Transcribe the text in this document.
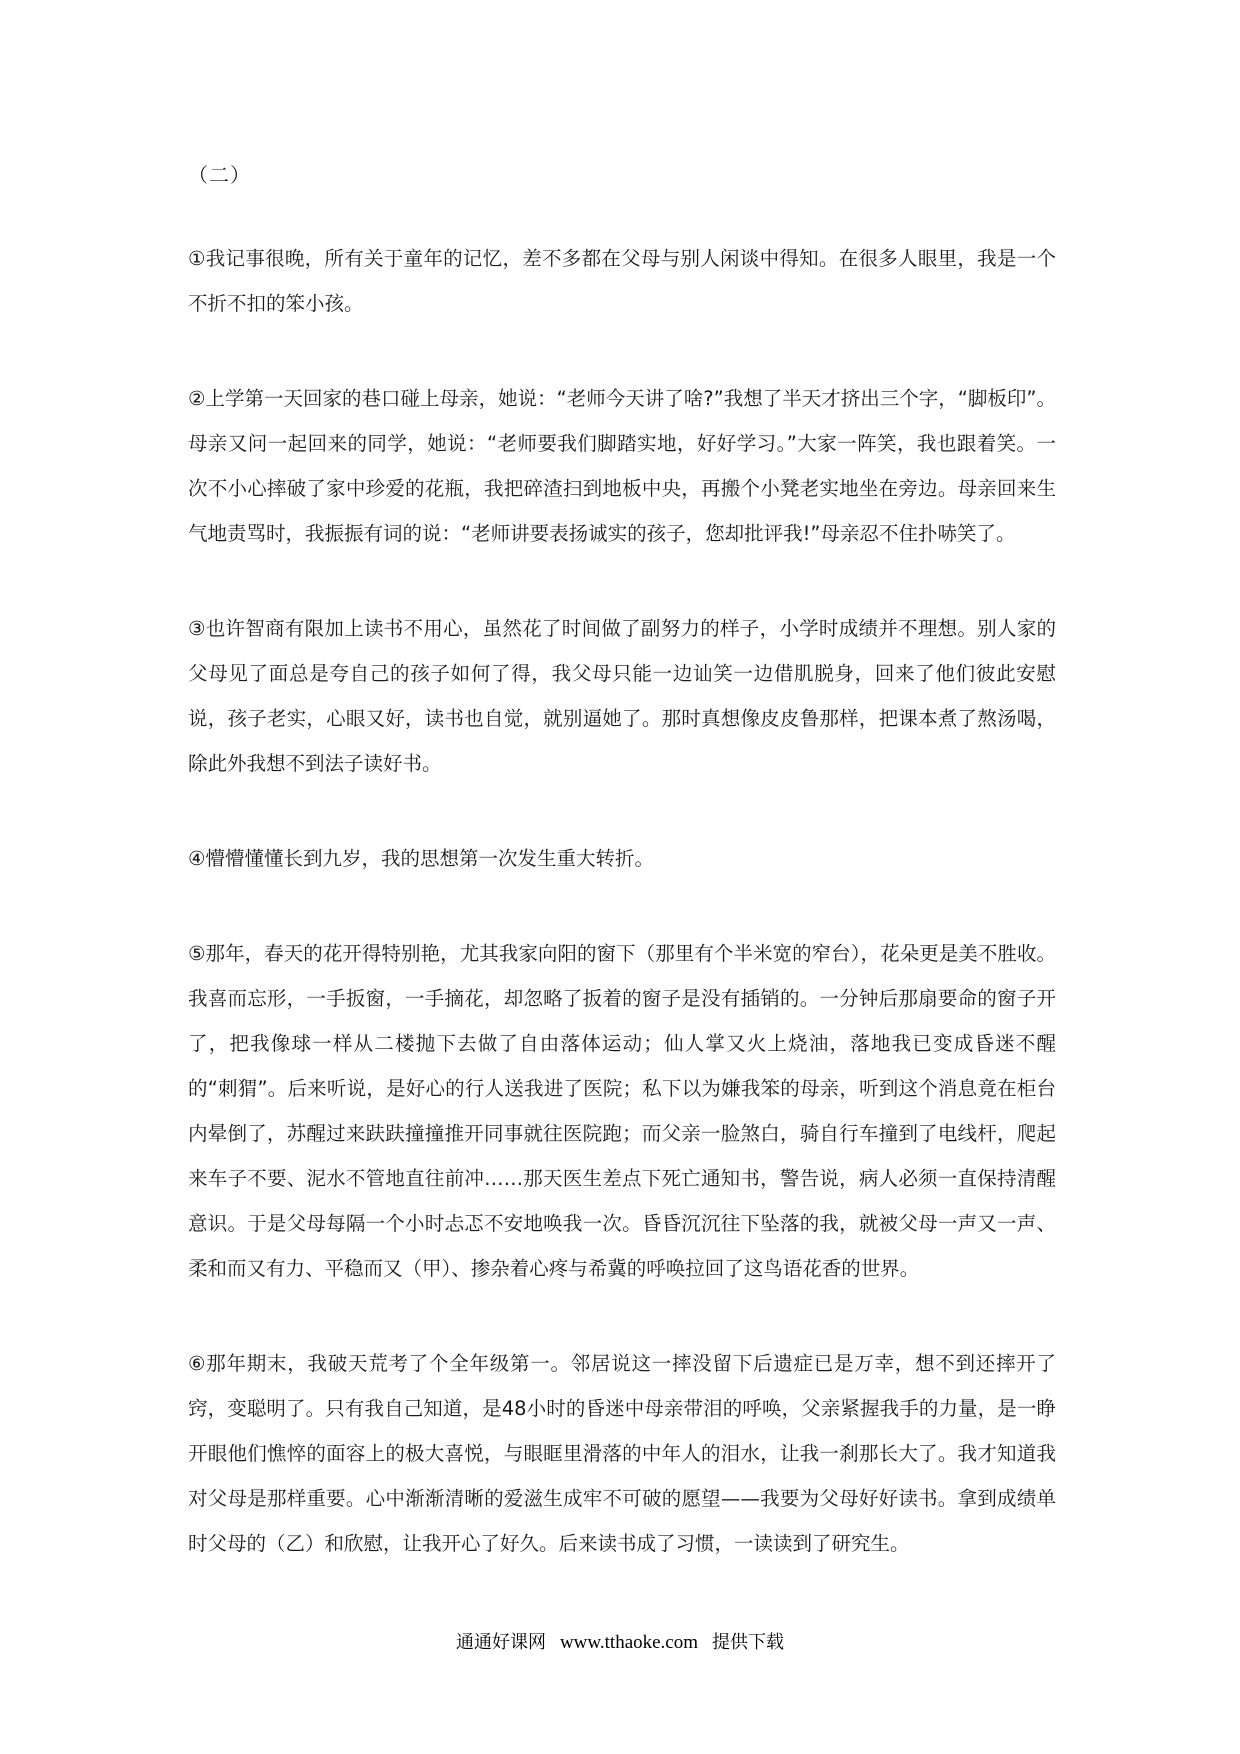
（二）

①我记事很晚，所有关于童年的记忆，差不多都在父母与别人闲谈中得知。在很多人眼里，我是一个不折不扣的笨小孩。

②上学第一天回家的巷口碰上母亲，她说：“老师今天讲了啥?”我想了半天才挤出三个字，“脚板印”。母亲又问一起回来的同学，她说：“老师要我们脚踏实地，好好学习。”大家一阵笑，我也跟着笑。一次不小心摔破了家中珍爱的花瓶，我把碎渣扫到地板中央，再搬个小凳老实地坐在旁边。母亲回来生气地责骂时，我振振有词的说：“老师讲要表扬诚实的孩子，您却批评我!”母亲忍不住扑哧笑了。

③也许智商有限加上读书不用心，虽然花了时间做了副努力的样子，小学时成绩并不理想。别人家的父母见了面总是夸自己的孩子如何了得，我父母只能一边讪笑一边借肌脱身，回来了他们彼此安慰说，孩子老实，心眼又好，读书也自觉，就别逼她了。那时真想像皮皮鲁那样，把课本煮了熬汤喝，除此外我想不到法子读好书。

④懵懵懂懂长到九岁，我的思想第一次发生重大转折。

⑤那年，春天的花开得特别艳，尤其我家向阳的窗下（那里有个半米宽的窄台），花朵更是美不胜收。我喜而忘形，一手扳窗，一手摘花，却忽略了扳着的窗子是没有插销的。一分钟后那扇要命的窗子开了，把我像球一样从二楼抛下去做了自由落体运动；仙人掌又火上烧油，落地我已变成昏迷不醒的“刺猬”。后来听说，是好心的行人送我进了医院；私下以为嫌我笨的母亲，听到这个消息竟在柜台内晕倒了，苏醒过来趺趺撞撞推开同事就往医院跑；而父亲一脸煞白，骑自行车撞到了电线杆，爬起来车子不要、泥水不管地直往前冲……那天医生差点下死亡通知书，警告说，病人必须一直保持清醒意识。于是父母每隔一个小时忐忑不安地唤我一次。昏昏沉沉往下坠落的我，就被父母一声又一声、柔和而又有力、平稳而又（甲）、掺杂着心疼与希冀的呼唤拉回了这鸟语花香的世界。

⑥那年期末，我破天荒考了个全年级第一。邻居说这一摔没留下后遗症已是万幸，想不到还摔开了窍，变聪明了。只有我自己知道，是48小时的昏迷中母亲带泪的呼唤，父亲紧握我手的力量，是一睁开眼他们憔悴的面容上的极大喜悦，与眼眶里滑落的中年人的泪水，让我一刹那长大了。我才知道我对父母是那样重要。心中渐渐清晰的爱滋生成牢不可破的愿望——我要为父母好好读书。拿到成绩单时父母的（乙）和欣慰，让我开心了好久。后来读书成了习惯，一读读到了研究生。

通通好课网 www.tthaoke.com 提供下载
